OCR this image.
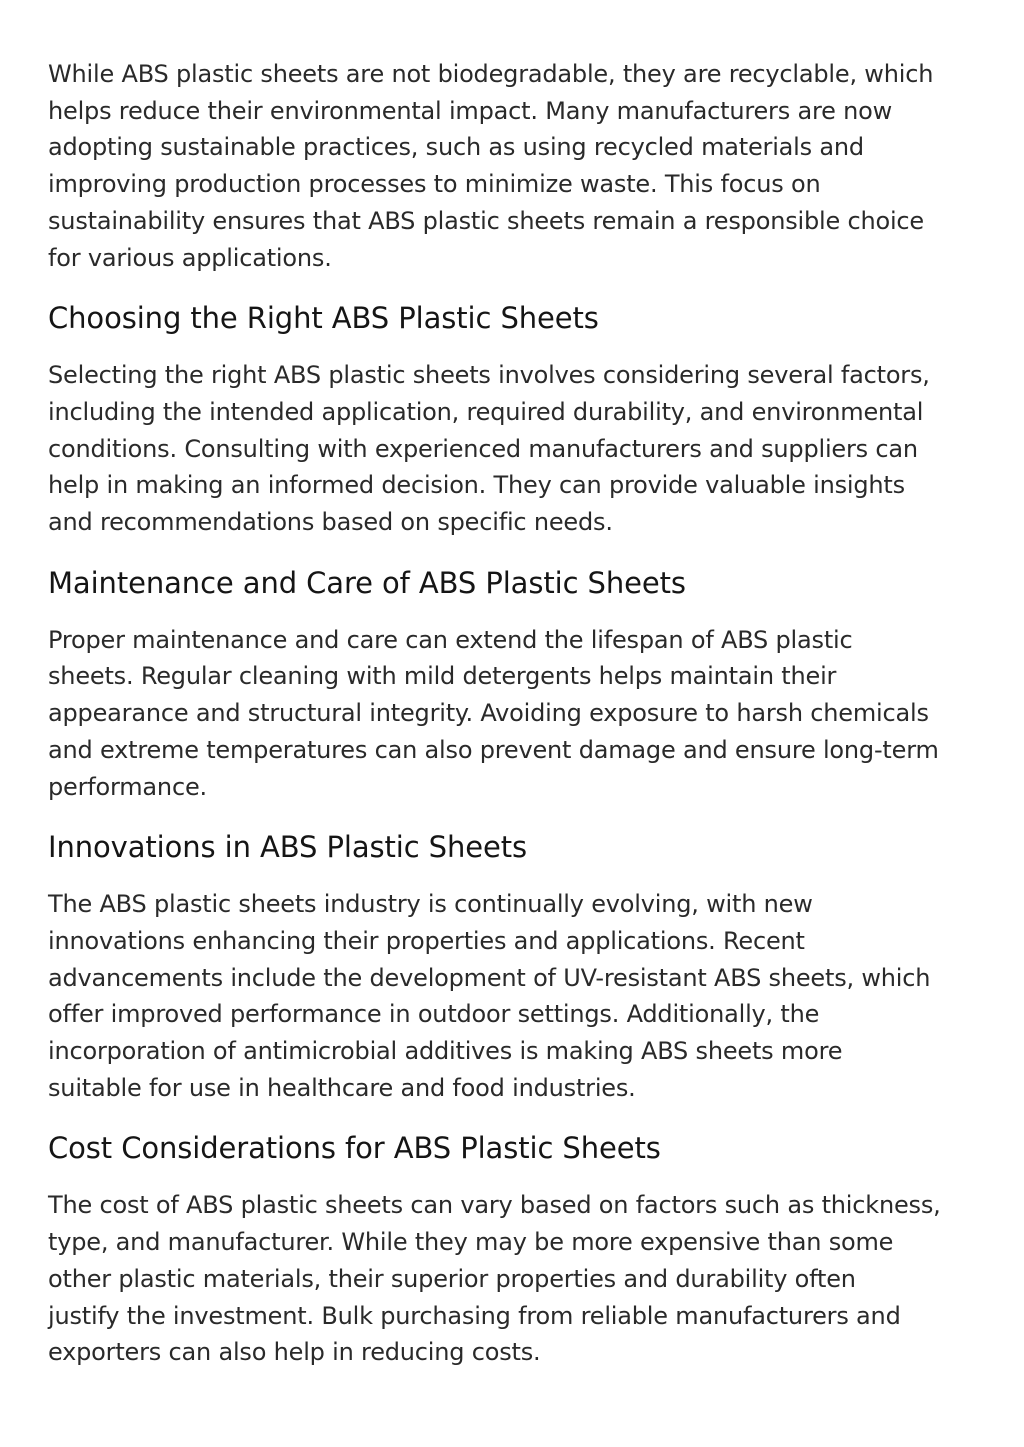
While ABS plastic sheets are not biodegradable, they are recyclable, which
helps reduce their environmental impact. Many manufacturers are now
adopting sustainable practices, such as using recycled materials and
improving production processes to minimize waste. This focus on
sustainability ensures that ABS plastic sheets remain a responsible choice
for various applications.

Choosing the Right ABS Plastic Sheets

Selecting the right ABS plastic sheets involves considering several factors,
including the intended application, required durability, and environmental
conditions. Consulting with experienced manufacturers and suppliers can
help in making an informed decision. They can provide valuable insights
and recommendations based on specific needs.

Maintenance and Care of ABS Plastic Sheets

Proper maintenance and care can extend the lifespan of ABS plastic
sheets. Regular cleaning with mild detergents helps maintain their
appearance and structural integrity. Avoiding exposure to harsh chemicals
and extreme temperatures can also prevent damage and ensure long-term
performance.

Innovations in ABS Plastic Sheets

The ABS plastic sheets industry is continually evolving, with new
innovations enhancing their properties and applications. Recent
advancements include the development of UV-resistant ABS sheets, which
offer improved performance in outdoor settings. Additionally, the
incorporation of antimicrobial additives is making ABS sheets more
suitable for use in healthcare and food industries.

Cost Considerations for ABS Plastic Sheets

The cost of ABS plastic sheets can vary based on factors such as thickness,
type, and manufacturer. While they may be more expensive than some
other plastic materials, their superior properties and durability often
justify the investment. Bulk purchasing from reliable manufacturers and
exporters can also help in reducing costs.
